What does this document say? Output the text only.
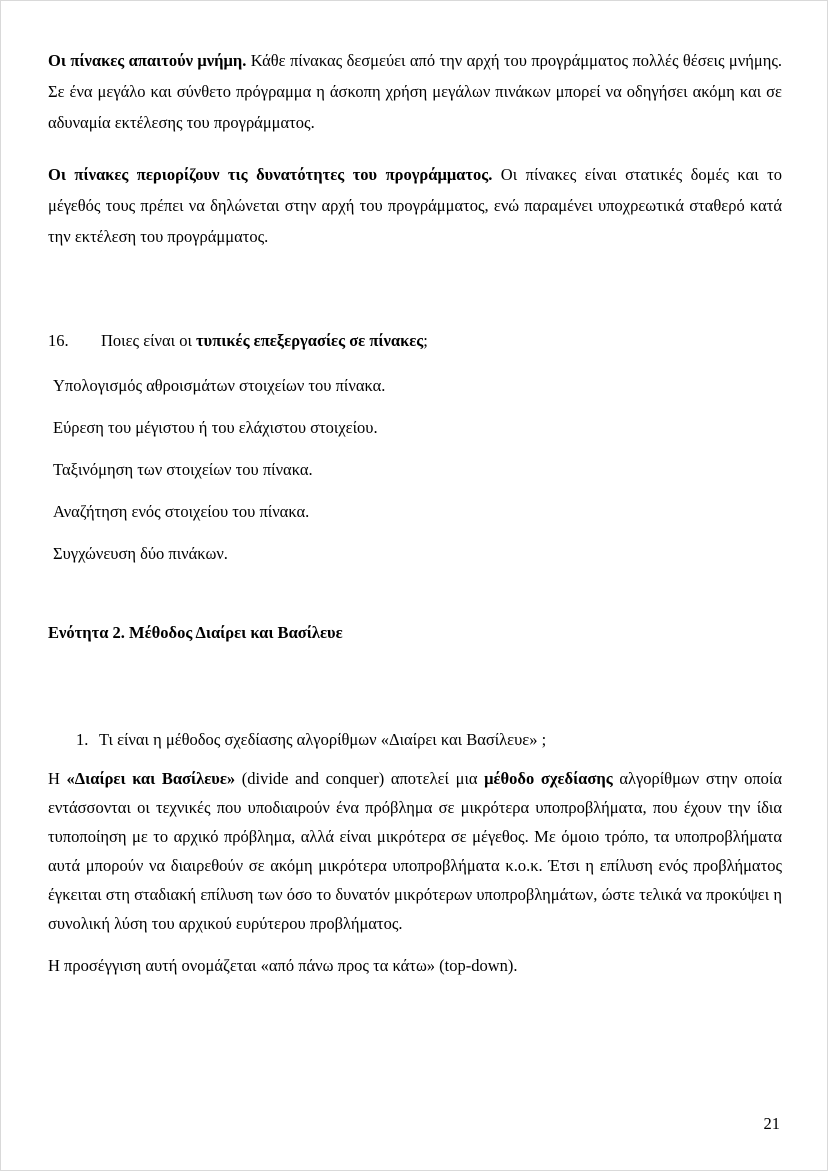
Οι πίνακες απαιτούν μνήμη. Κάθε πίνακας δεσμεύει από την αρχή του προγράμματος πολλές θέσεις μνήμης. Σε ένα μεγάλο και σύνθετο πρόγραμμα η άσκοπη χρήση μεγάλων πινάκων μπορεί να οδηγήσει ακόμη και σε αδυναμία εκτέλεσης του προγράμματος.

Οι πίνακες περιορίζουν τις δυνατότητες του προγράμματος. Οι πίνακες είναι στατικές δομές και το μέγεθός τους πρέπει να δηλώνεται στην αρχή του προγράμματος, ενώ παραμένει υποχρεωτικά σταθερό κατά την εκτέλεση του προγράμματος.

16. Ποιες είναι οι τυπικές επεξεργασίες σε πίνακες;
Υπολογισμός αθροισμάτων στοιχείων του πίνακα.
Εύρεση του μέγιστου ή του ελάχιστου στοιχείου.
Ταξινόμηση των στοιχείων του πίνακα.
Αναζήτηση ενός στοιχείου του πίνακα.
Συγχώνευση δύο πινάκων.
Ενότητα 2. Μέθοδος Διαίρει και Βασίλευε
1. Τι είναι η μέθοδος σχεδίασης αλγορίθμων «Διαίρει και Βασίλευε» ;

Η «Διαίρει και Βασίλευε» (divide and conquer) αποτελεί μια μέθοδο σχεδίασης αλγορίθμων στην οποία εντάσσονται οι τεχνικές που υποδιαιρούν ένα πρόβλημα σε μικρότερα υποπροβλήματα, που έχουν την ίδια τυποποίηση με το αρχικό πρόβλημα, αλλά είναι μικρότερα σε μέγεθος. Με όμοιο τρόπο, τα υποπροβλήματα αυτά μπορούν να διαιρεθούν σε ακόμη μικρότερα υποπροβλήματα κ.ο.κ. Έτσι η επίλυση ενός προβλήματος έγκειται στη σταδιακή επίλυση των όσο το δυνατόν μικρότερων υποπροβλημάτων, ώστε τελικά να προκύψει η συνολική λύση του αρχικού ευρύτερου προβλήματος.

Η προσέγγιση αυτή ονομάζεται «από πάνω προς τα κάτω» (top-down).

21
